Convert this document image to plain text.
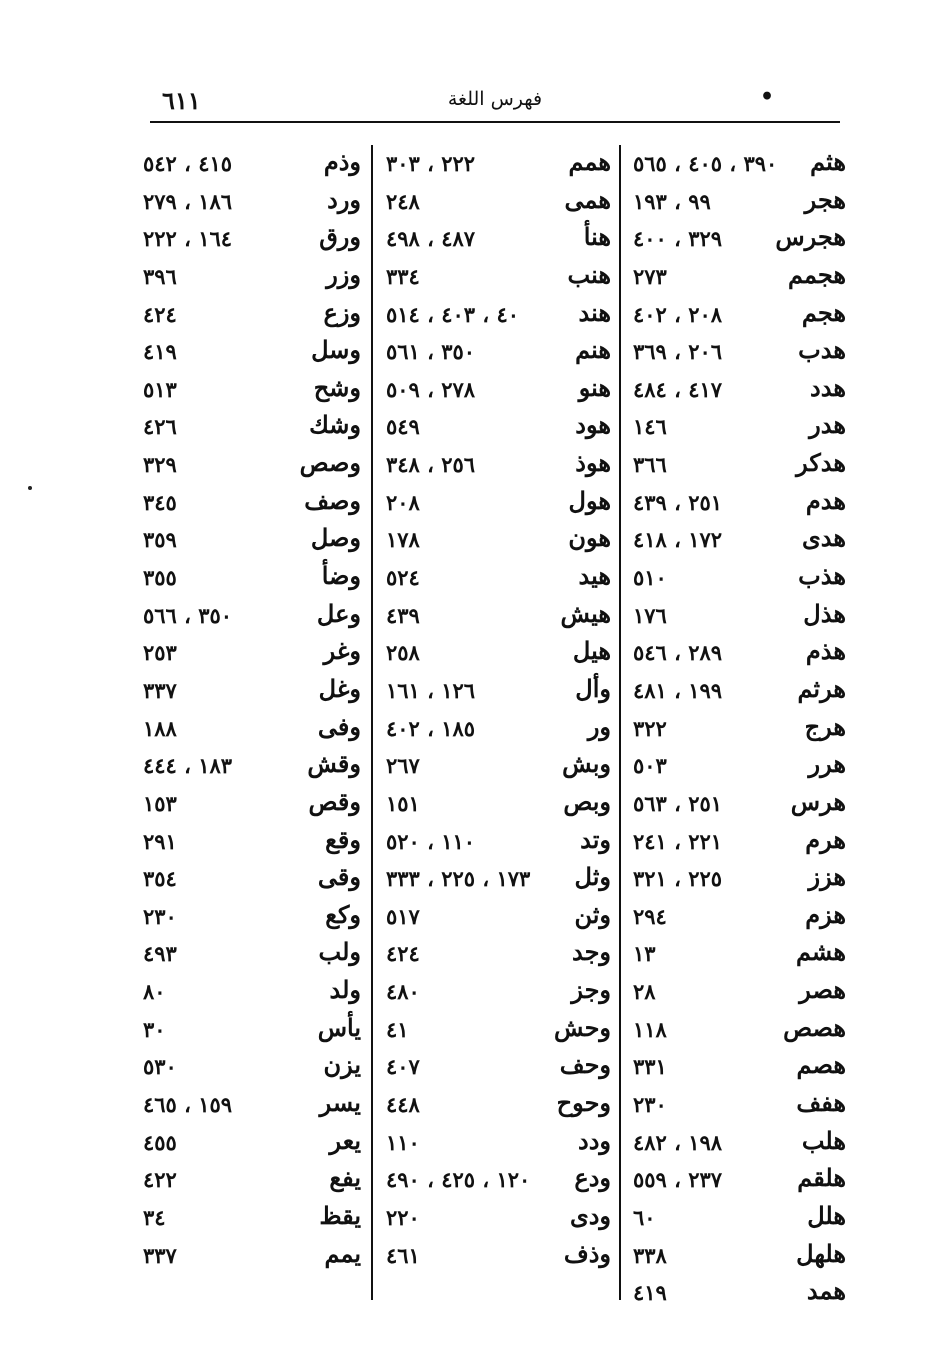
٦١١	فهرس اللغة	•
هثم
٣٩٠ ، ٤٠٥ ، ٥٦٥
هجر
٩٩ ، ١٩٣
هجرس
٣٢٩ ، ٤٠٠
هجمم
٢٧٣
هجم
٢٠٨ ، ٤٠٢
هدب
٢٠٦ ، ٣٦٩
هدد
٤١٧ ، ٤٨٤
هدر
١٤٦
هدكر
٣٦٦
هدم
٢٥١ ، ٤٣٩
هدى
١٧٢ ، ٤١٨
هذب
٥١٠
هذل
١٧٦
هذم
٢٨٩ ، ٥٤٦
هرثم
١٩٩ ، ٤٨١
هرج
٣٢٢
هرر
٥٠٣
هرس
٢٥١ ، ٥٦٣
هرم
٢٢١ ، ٢٤١
هزز
٢٢٥ ، ٣٢١
هزم
٢٩٤
هشم
١٣
هصر
٢٨
هصص
١١٨
هصم
٣٣١
هفف
٢٣٠
هلب
١٩٨ ، ٤٨٢
هلقم
٢٣٧ ، ٥٥٩
هلل
٦٠
هلهل
٣٣٨
همد
٤١٩
همم
٢٢٢ ، ٣٠٣
همى
٢٤٨
هنأ
٤٨٧ ، ٤٩٨
هنب
٣٣٤
هند
٤٠ ، ٤٠٣ ، ٥١٤
هنم
٣٥٠ ، ٥٦١
هنو
٢٧٨ ، ٥٠٩
هود
٥٤٩
هوذ
٢٥٦ ، ٣٤٨
هول
٢٠٨
هون
١٧٨
هيد
٥٢٤
هيش
٤٣٩
هيل
٢٥٨
وأل
١٢٦ ، ١٦١
ور
١٨٥ ، ٤٠٢
وبش
٢٦٧
وبص
١٥١
وتد
١١٠ ، ٥٢٠
وثل
١٧٣ ، ٢٢٥ ، ٣٣٣
وثن
٥١٧
وجد
٤٢٤
وجز
٤٨٠
وحش
٤١
وحف
٤٠٧
وحوح
٤٤٨
ودد
١١٠
ودع
١٢٠ ، ٤٢٥ ، ٤٩٠
ودى
٢٢٠
وذف
٤٦١
وذم
٤١٥ ، ٥٤٢
ورد
١٨٦ ، ٢٧٩
ورق
١٦٤ ، ٢٢٢
وزر
٣٩٦
وزع
٤٢٤
وسل
٤١٩
وشح
٥١٣
وشك
٤٢٦
وصص
٣٢٩
وصف
٣٤٥
وصل
٣٥٩
وضأ
٣٥٥
وعل
٣٥٠ ، ٥٦٦
وغر
٢٥٣
وغل
٣٣٧
وفى
١٨٨
وقش
١٨٣ ، ٤٤٤
وقص
١٥٣
وقع
٢٩١
وقى
٣٥٤
وكع
٢٣٠
ولب
٤٩٣
ولد
٨٠
يأس
٣٠
يزن
٥٣٠
يسر
١٥٩ ، ٤٦٥
يعر
٤٥٥
يفع
٤٢٢
يقظ
٣٤
يمم
٣٣٧
